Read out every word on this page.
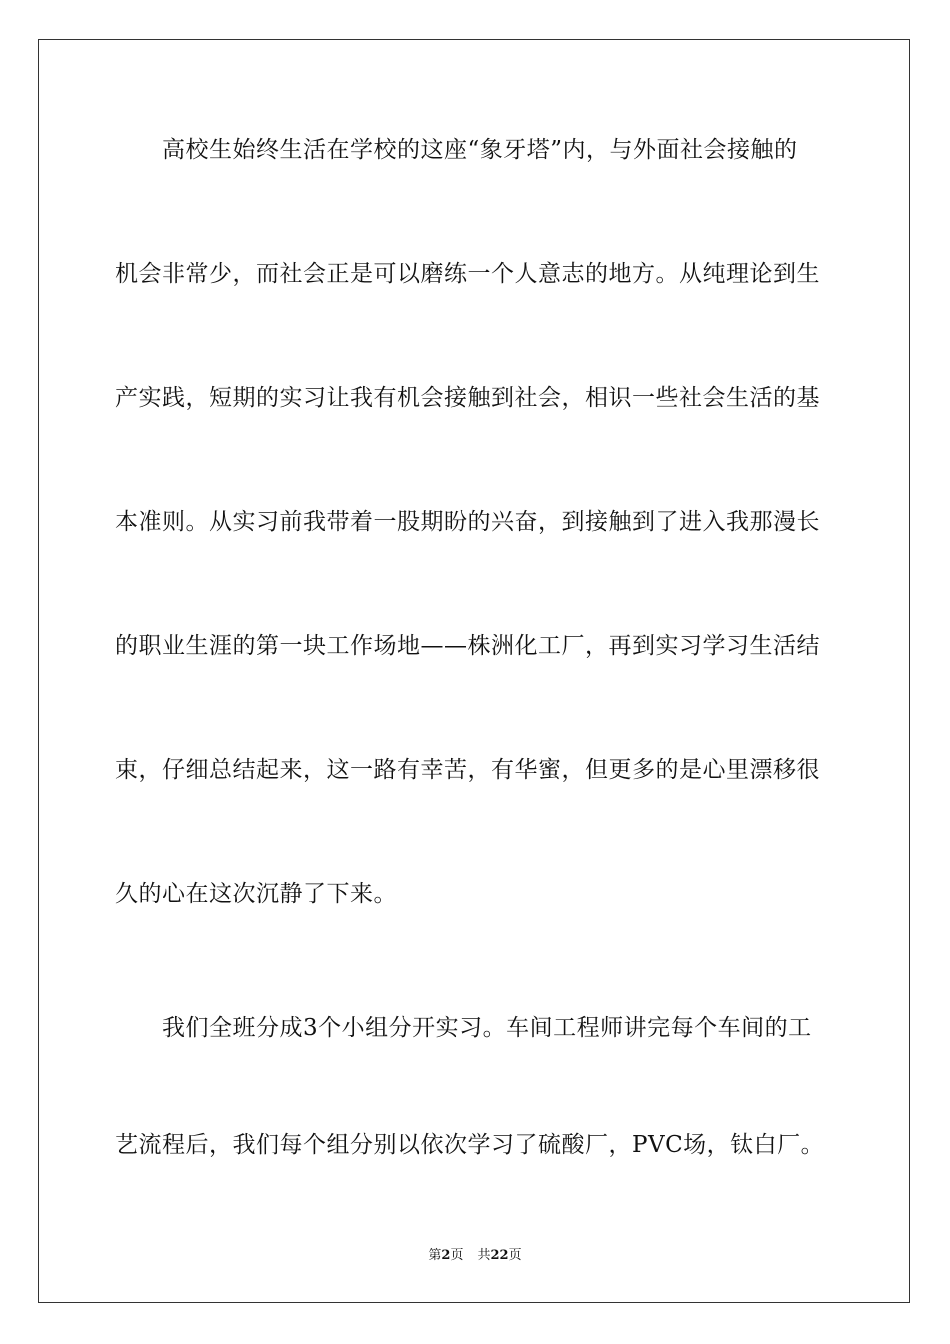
高校生始终生活在学校的这座“象牙塔”内，与外面社会接触的
机会非常少，而社会正是可以磨练一个人意志的地方。从纯理论到生
产实践，短期的实习让我有机会接触到社会，相识一些社会生活的基
本准则。从实习前我带着一股期盼的兴奋，到接触到了进入我那漫长
的职业生涯的第一块工作场地——株洲化工厂，再到实习学习生活结
束，仔细总结起来，这一路有幸苦，有华蜜，但更多的是心里漂移很
久的心在这次沉静了下来。
我们全班分成3个小组分开实习。车间工程师讲完每个车间的工
艺流程后，我们每个组分别以依次学习了硫酸厂，PVC场，钛白厂。
第2页 共22页
